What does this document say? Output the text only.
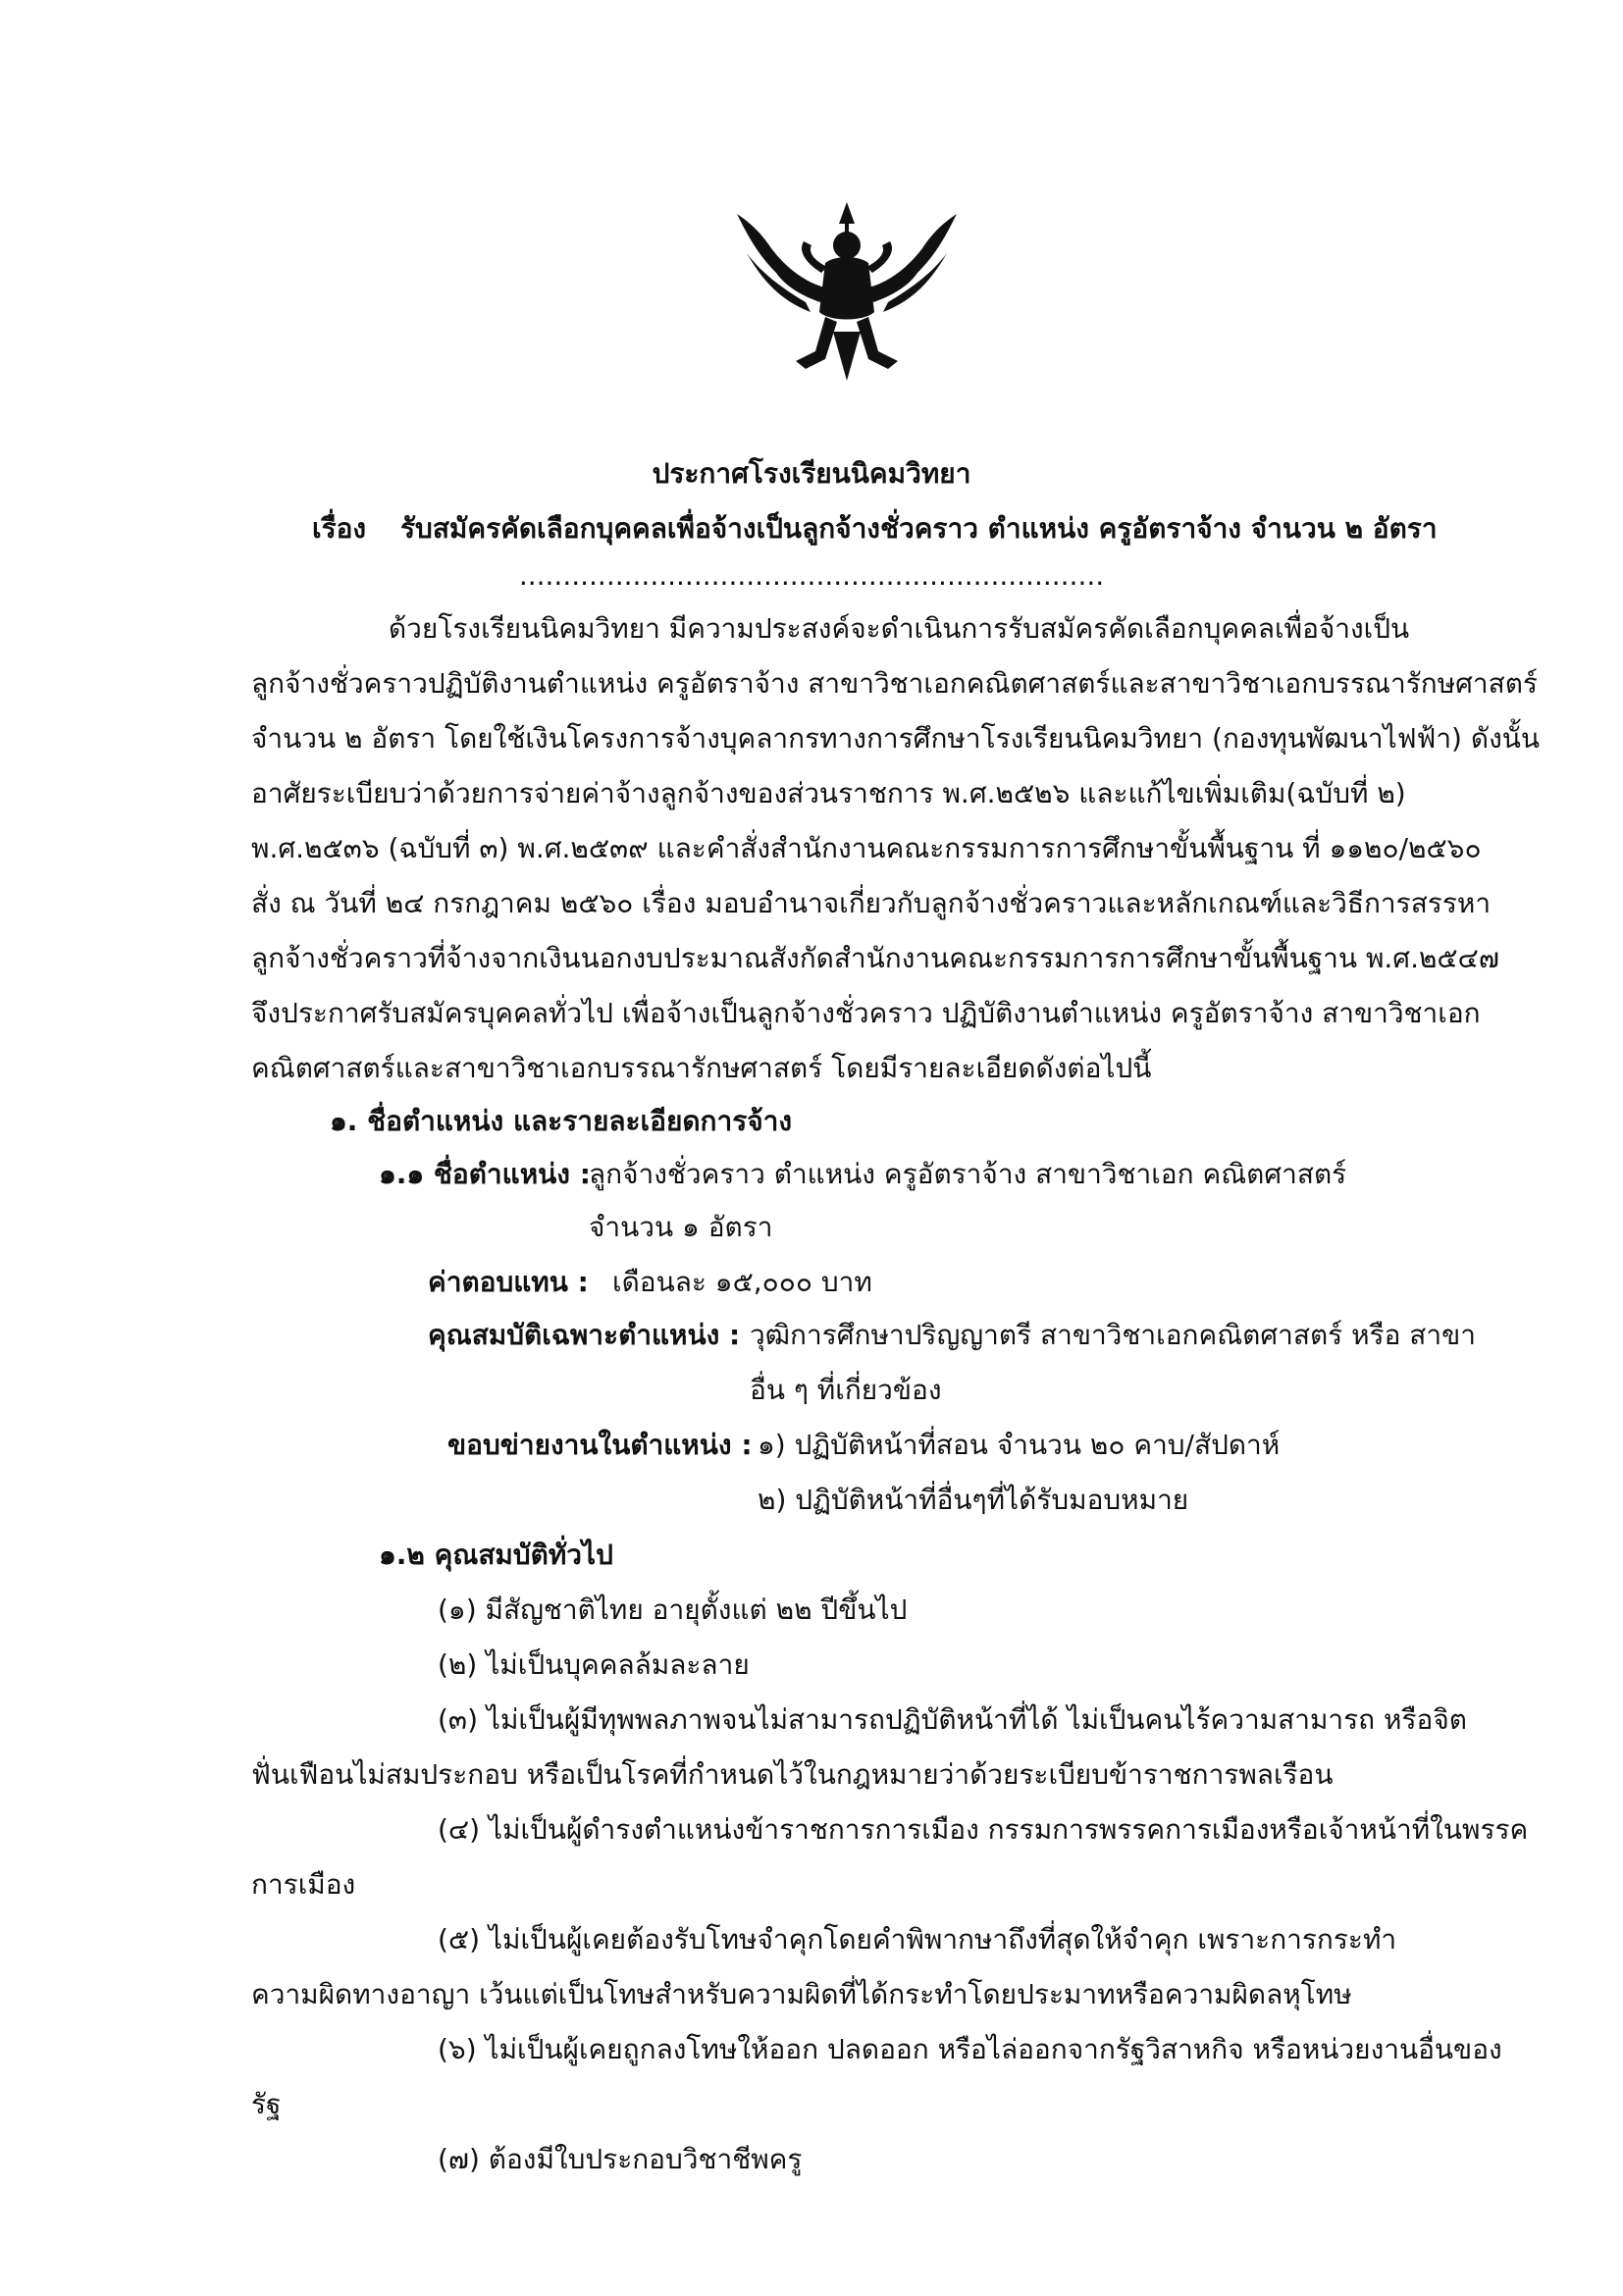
ประกาศโรงเรียนนิคมวิทยา
เรื่อง รับสมัครคัดเลือกบุคคลเพื่อจ้างเป็นลูกจ้างชั่วคราว ตำแหน่ง ครูอัตราจ้าง จำนวน ๒ อัตรา
...................................................................
ด้วยโรงเรียนนิคมวิทยา มีความประสงค์จะดำเนินการรับสมัครคัดเลือกบุคคลเพื่อจ้างเป็น
ลูกจ้างชั่วคราวปฏิบัติงานตำแหน่ง ครูอัตราจ้าง สาขาวิชาเอกคณิตศาสตร์และสาขาวิชาเอกบรรณารักษศาสตร์
จำนวน ๒ อัตรา โดยใช้เงินโครงการจ้างบุคลากรทางการศึกษาโรงเรียนนิคมวิทยา (กองทุนพัฒนาไฟฟ้า) ดังนั้น
อาศัยระเบียบว่าด้วยการจ่ายค่าจ้างลูกจ้างของส่วนราชการ พ.ศ.๒๕๒๖ และแก้ไขเพิ่มเติม(ฉบับที่ ๒)
พ.ศ.๒๕๓๖ (ฉบับที่ ๓) พ.ศ.๒๕๓๙ และคำสั่งสำนักงานคณะกรรมการการศึกษาขั้นพื้นฐาน ที่ ๑๑๒๐/๒๕๖๐
สั่ง ณ วันที่ ๒๔ กรกฎาคม ๒๕๖๐ เรื่อง มอบอำนาจเกี่ยวกับลูกจ้างชั่วคราวและหลักเกณฑ์และวิธีการสรรหา
ลูกจ้างชั่วคราวที่จ้างจากเงินนอกงบประมาณสังกัดสำนักงานคณะกรรมการการศึกษาขั้นพื้นฐาน พ.ศ.๒๕๔๗
จึงประกาศรับสมัครบุคคลทั่วไป เพื่อจ้างเป็นลูกจ้างชั่วคราว ปฏิบัติงานตำแหน่ง ครูอัตราจ้าง สาขาวิชาเอก
คณิตศาสตร์และสาขาวิชาเอกบรรณารักษศาสตร์ โดยมีรายละเอียดดังต่อไปนี้
๑. ชื่อตำแหน่ง และรายละเอียดการจ้าง
๑.๑ ชื่อตำแหน่ง :
ลูกจ้างชั่วคราว ตำแหน่ง ครูอัตราจ้าง สาขาวิชาเอก คณิตศาสตร์
จำนวน ๑ อัตรา
ค่าตอบแทน : เดือนละ ๑๕,๐๐๐ บาท
คุณสมบัติเฉพาะตำแหน่ง : วุฒิการศึกษาปริญญาตรี สาขาวิชาเอกคณิตศาสตร์ หรือ สาขา
อื่น ๆ ที่เกี่ยวข้อง
ขอบข่ายงานในตำแหน่ง : ๑) ปฏิบัติหน้าที่สอน จำนวน ๒๐ คาบ/สัปดาห์
๒) ปฏิบัติหน้าที่อื่นๆที่ได้รับมอบหมาย
๑.๒ คุณสมบัติทั่วไป
(๑) มีสัญชาติไทย อายุตั้งแต่ ๒๒ ปีขึ้นไป
(๒) ไม่เป็นบุคคลล้มละลาย
(๓) ไม่เป็นผู้มีทุพพลภาพจนไม่สามารถปฏิบัติหน้าที่ได้ ไม่เป็นคนไร้ความสามารถ หรือจิต
ฟั่นเฟือนไม่สมประกอบ หรือเป็นโรคที่กำหนดไว้ในกฎหมายว่าด้วยระเบียบข้าราชการพลเรือน
(๔) ไม่เป็นผู้ดำรงตำแหน่งข้าราชการการเมือง กรรมการพรรคการเมืองหรือเจ้าหน้าที่ในพรรค
การเมือง
(๕) ไม่เป็นผู้เคยต้องรับโทษจำคุกโดยคำพิพากษาถึงที่สุดให้จำคุก เพราะการกระทำ
ความผิดทางอาญา เว้นแต่เป็นโทษสำหรับความผิดที่ได้กระทำโดยประมาทหรือความผิดลหุโทษ
(๖) ไม่เป็นผู้เคยถูกลงโทษให้ออก ปลดออก หรือไล่ออกจากรัฐวิสาหกิจ หรือหน่วยงานอื่นของ
รัฐ
(๗) ต้องมีใบประกอบวิชาชีพครู
